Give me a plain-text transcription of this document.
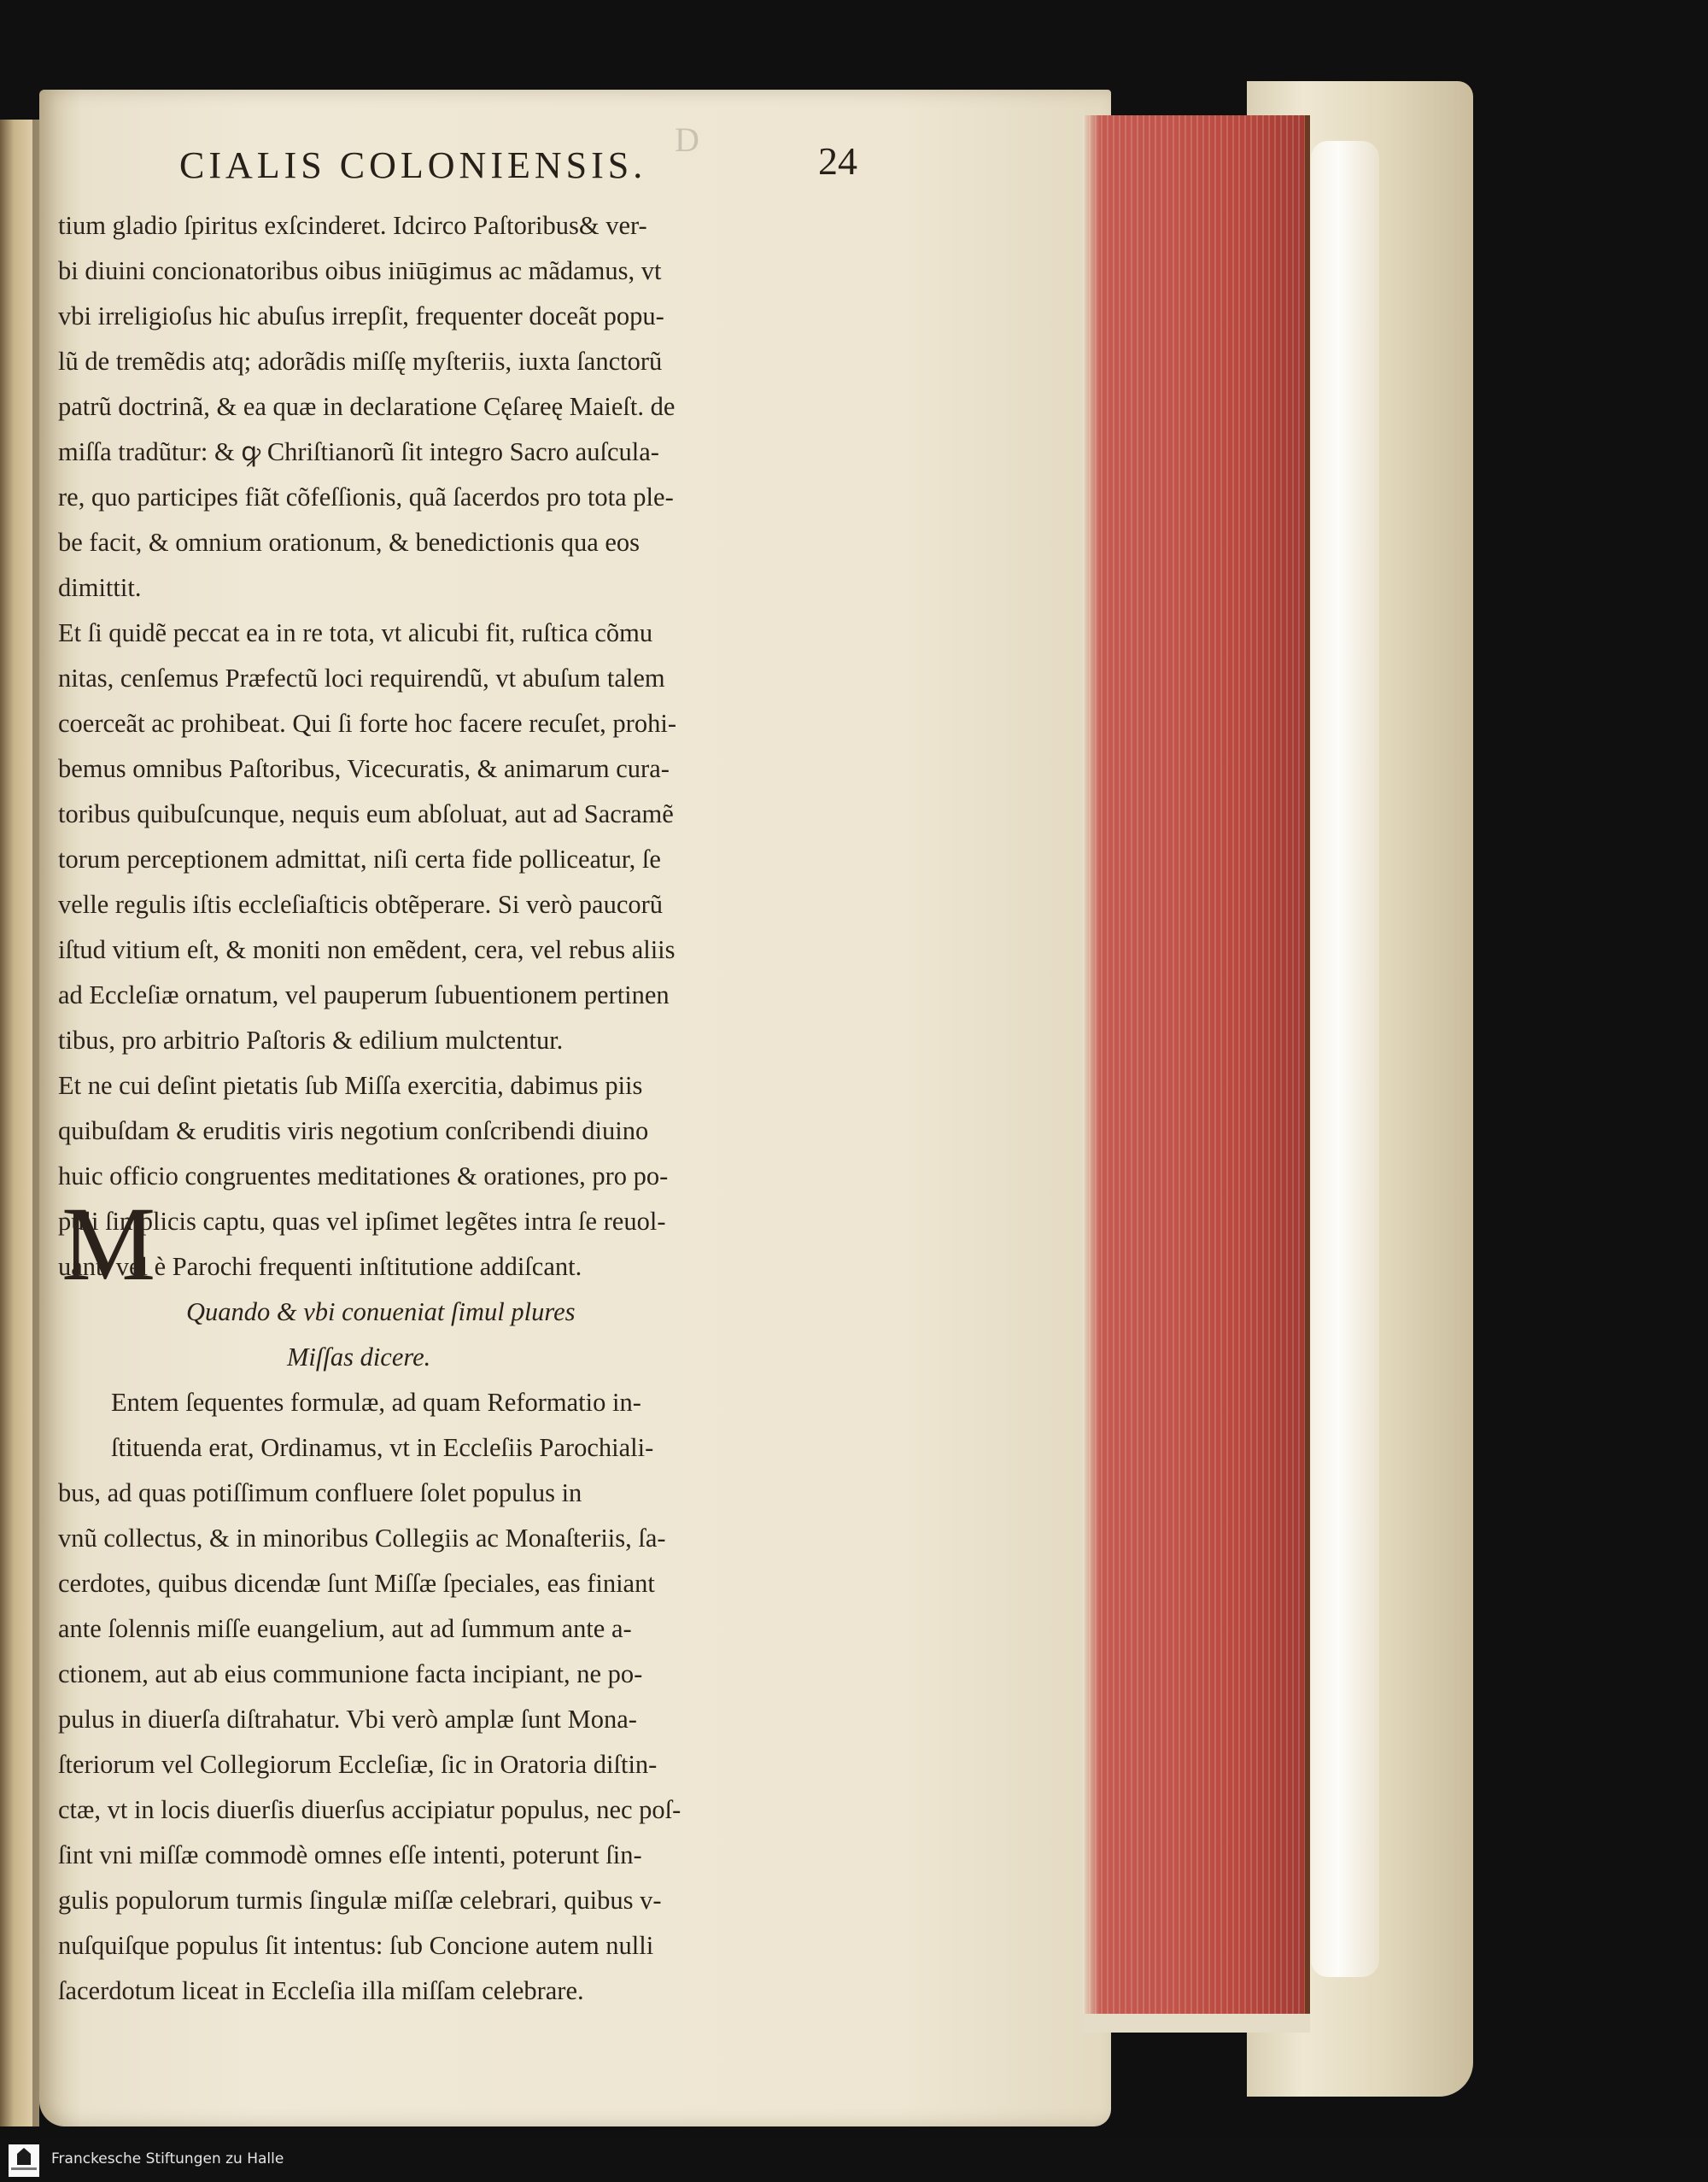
D
CIALIS COLONIENSIS.	24
tium gladio ſpiritus exſcinderet. Idcirco Paſtoribus& ver-
bi diuini concionatoribus oibus iniūgimus ac mãdamus, vt
vbi irreligioſus hic abuſus irrepſit, frequenter doceãt popu-
lũ de tremẽdis atq; adorãdis miſſę myſteriis, iuxta ſanctorũ
patrũ doctrinã, & ea quæ in declaratione Cęſareę Maieſt. de
miſſa tradũtur: & ꝙ Chriſtianorũ ſit integro Sacro auſcula-
re, quo participes fiãt cõfeſſionis, quã ſacerdos pro tota ple-
be facit, & omnium orationum, & benedictionis qua eos
dimittit.
Et ſi quidẽ peccat ea in re tota, vt alicubi fit, ruſtica cõmu
nitas, cenſemus Præfectũ loci requirendũ, vt abuſum talem
coerceãt ac prohibeat. Qui ſi forte hoc facere recuſet, prohi-
bemus omnibus Paſtoribus, Vicecuratis, & animarum cura-
toribus quibuſcunque, nequis eum abſoluat, aut ad Sacramẽ
torum perceptionem admittat, niſi certa fide polliceatur, ſe
velle regulis iſtis eccleſiaſticis obtẽperare. Si verò paucorũ
iſtud vitium eſt, & moniti non emẽdent, cera, vel rebus aliis
ad Eccleſiæ ornatum, vel pauperum ſubuentionem pertinen
tibus, pro arbitrio Paſtoris & edilium mulctentur.
Et ne cui deſint pietatis ſub Miſſa exercitia, dabimus piis
quibuſdam & eruditis viris negotium conſcribendi diuino
huic officio congruentes meditationes & orationes, pro po-
puli ſimplicis captu, quas vel ipſimet legẽtes intra ſe reuol-
uant, vel è Parochi frequenti inſtitutione addiſcant.
Quando & vbi conueniat ſimul plures
Miſſas dicere.
Entem ſequentes formulæ, ad quam Reformatio in-
ſtituenda erat, Ordinamus, vt in Eccleſiis Parochiali-
bus, ad quas potiſſimum confluere ſolet populus in
vnũ collectus, & in minoribus Collegiis ac Monaſteriis, ſa-
cerdotes, quibus dicendæ ſunt Miſſæ ſpeciales, eas finiant
ante ſolennis miſſe euangelium, aut ad ſummum ante a-
ctionem, aut ab eius communione facta incipiant, ne po-
pulus in diuerſa diſtrahatur. Vbi verò amplæ ſunt Mona-
ſteriorum vel Collegiorum Eccleſiæ, ſic in Oratoria diſtin-
ctæ, vt in locis diuerſis diuerſus accipiatur populus, nec poſ-
ſint vni miſſæ commodè omnes eſſe intenti, poterunt ſin-
gulis populorum turmis ſingulæ miſſæ celebrari, quibus v-
nuſquiſque populus ſit intentus: ſub Concione autem nulli
ſacerdotum liceat in Eccleſia illa miſſam celebrare.
M
Franckesche Stiftungen zu Halle
